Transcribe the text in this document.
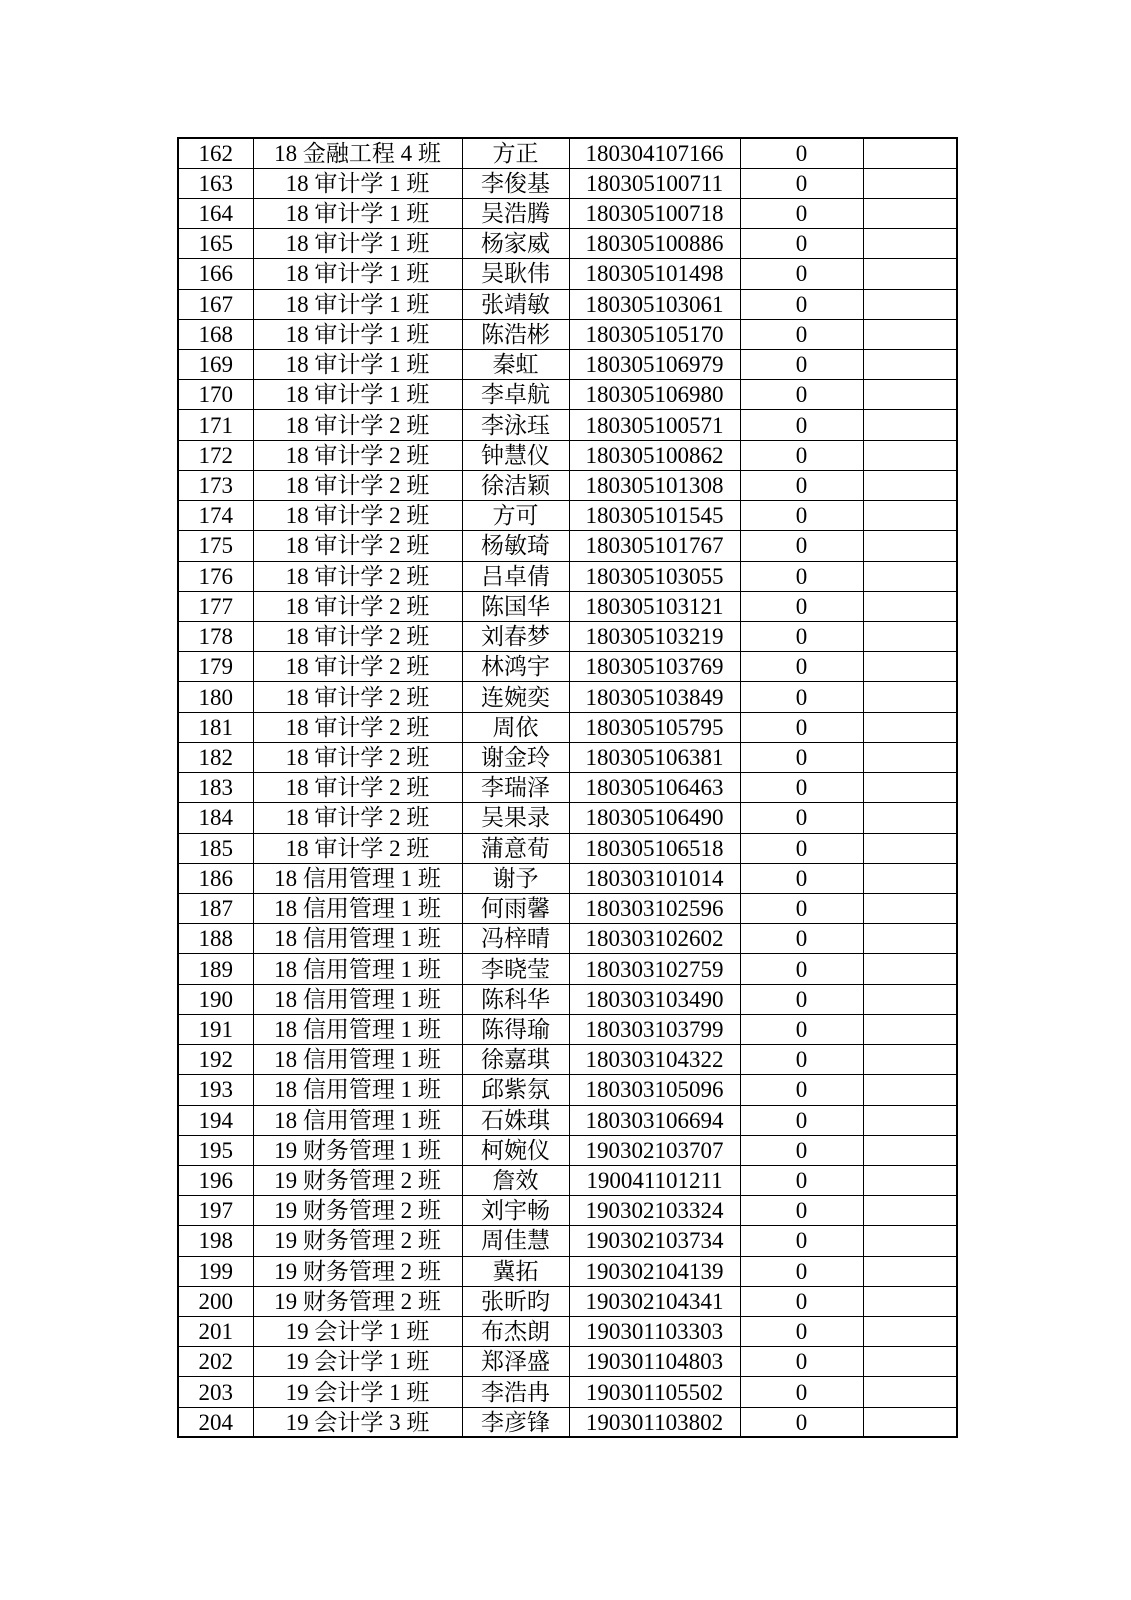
162	18 金融工程 4 班	方正	180304107166	0	
163	18 审计学 1 班	李俊基	180305100711	0	
164	18 审计学 1 班	吴浩腾	180305100718	0	
165	18 审计学 1 班	杨家威	180305100886	0	
166	18 审计学 1 班	吴耿伟	180305101498	0	
167	18 审计学 1 班	张靖敏	180305103061	0	
168	18 审计学 1 班	陈浩彬	180305105170	0	
169	18 审计学 1 班	秦虹	180305106979	0	
170	18 审计学 1 班	李卓航	180305106980	0	
171	18 审计学 2 班	李泳珏	180305100571	0	
172	18 审计学 2 班	钟慧仪	180305100862	0	
173	18 审计学 2 班	徐洁颖	180305101308	0	
174	18 审计学 2 班	方可	180305101545	0	
175	18 审计学 2 班	杨敏琦	180305101767	0	
176	18 审计学 2 班	吕卓倩	180305103055	0	
177	18 审计学 2 班	陈国华	180305103121	0	
178	18 审计学 2 班	刘春梦	180305103219	0	
179	18 审计学 2 班	林鸿宇	180305103769	0	
180	18 审计学 2 班	连婉奕	180305103849	0	
181	18 审计学 2 班	周依	180305105795	0	
182	18 审计学 2 班	谢金玲	180305106381	0	
183	18 审计学 2 班	李瑞泽	180305106463	0	
184	18 审计学 2 班	吴果录	180305106490	0	
185	18 审计学 2 班	蒲意荀	180305106518	0	
186	18 信用管理 1 班	谢予	180303101014	0	
187	18 信用管理 1 班	何雨馨	180303102596	0	
188	18 信用管理 1 班	冯梓晴	180303102602	0	
189	18 信用管理 1 班	李晓莹	180303102759	0	
190	18 信用管理 1 班	陈科华	180303103490	0	
191	18 信用管理 1 班	陈得瑜	180303103799	0	
192	18 信用管理 1 班	徐嘉琪	180303104322	0	
193	18 信用管理 1 班	邱紫氛	180303105096	0	
194	18 信用管理 1 班	石姝琪	180303106694	0	
195	19 财务管理 1 班	柯婉仪	190302103707	0	
196	19 财务管理 2 班	詹效	190041101211	0	
197	19 财务管理 2 班	刘宇畅	190302103324	0	
198	19 财务管理 2 班	周佳慧	190302103734	0	
199	19 财务管理 2 班	冀拓	190302104139	0	
200	19 财务管理 2 班	张昕昀	190302104341	0	
201	19 会计学 1 班	布杰朗	190301103303	0	
202	19 会计学 1 班	郑泽盛	190301104803	0	
203	19 会计学 1 班	李浩冉	190301105502	0	
204	19 会计学 3 班	李彦锋	190301103802	0	
